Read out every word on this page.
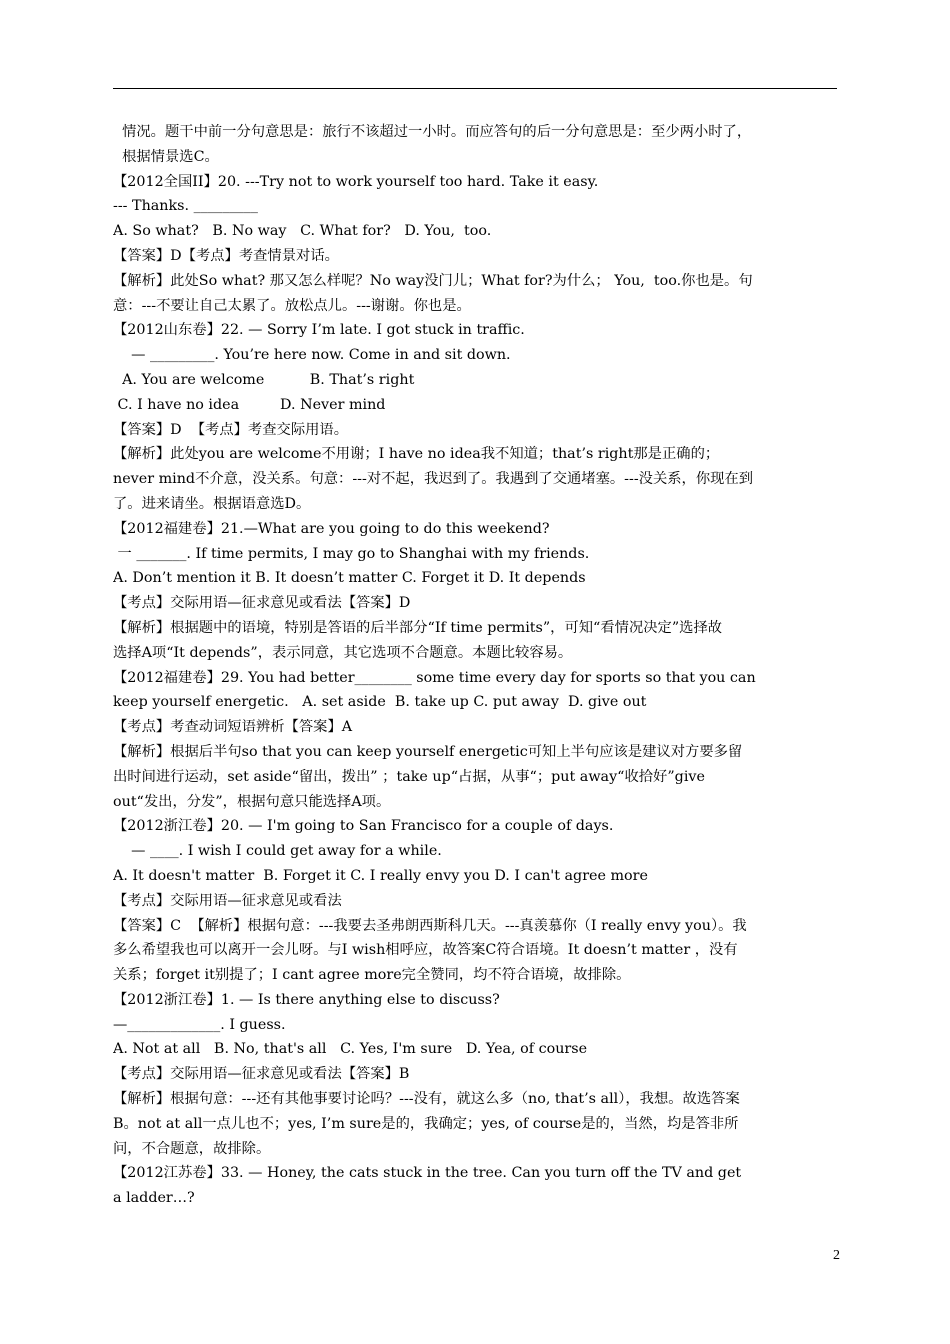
情况。题干中前一分句意思是：旅行不该超过一小时。而应答句的后一分句意思是：至少两小时了，
根据情景选C。
【2012全国II】20. ---Try not to work yourself too hard. Take it easy.
--- Thanks. _________
A. So what?   B. No way   C. What for?   D. You,  too.
【答案】D【考点】考查情景对话。
【解析】此处So what? 那又怎么样呢？No way没门儿；What for?为什么； You,  too.你也是。句
意：---不要让自己太累了。放松点儿。---谢谢。你也是。
【2012山东卷】22. — Sorry I’m late. I got stuck in traffic.
— _________. You’re here now. Come in and sit down.
A. You are welcome          B. That’s right
C. I have no idea         D. Never mind
【答案】D  【考点】考查交际用语。
【解析】此处you are welcome不用谢；I have no idea我不知道；that’s right那是正确的；
never mind不介意，没关系。句意：---对不起，我迟到了。我遇到了交通堵塞。---没关系，你现在到
了。进来请坐。根据语意选D。
【2012福建卷】21.—What are you going to do this weekend?
一 _______. If time permits, I may go to Shanghai with my friends.
A. Don’t mention it B. It doesn’t matter C. Forget it D. It depends
【考点】交际用语—征求意见或看法【答案】D
【解析】根据题中的语境，特别是答语的后半部分“If time permits”，可知“看情况决定”选择故
选择A项“It depends”，表示同意，其它选项不合题意。本题比较容易。
【2012福建卷】29. You had better________ some time every day for sports so that you can
keep yourself energetic.   A. set aside  B. take up C. put away  D. give out
【考点】考查动词短语辨析【答案】A
【解析】根据后半句so that you can keep yourself energetic可知上半句应该是建议对方要多留
出时间进行运动，set aside“留出，拨出” ；take up“占据，从事“；put away“收拾好”give
out“发出，分发”，根据句意只能选择A项。
【2012浙江卷】20. — I'm going to San Francisco for a couple of days.
— ____. I wish I could get away for a while.
A. It doesn't matter  B. Forget it C. I really envy you D. I can't agree more
【考点】交际用语—征求意见或看法
【答案】C  【解析】根据句意：---我要去圣弗朗西斯科几天。---真羡慕你（I really envy you）。我
多么希望我也可以离开一会儿呀。与I wish相呼应，故答案C符合语境。It doesn’t matter ，没有
关系；forget it别提了；I cant agree more完全赞同，均不符合语境，故排除。
【2012浙江卷】1. — Is there anything else to discuss?
—_____________. I guess.
A. Not at all   B. No, that's all   C. Yes, I'm sure   D. Yea, of course
【考点】交际用语—征求意见或看法【答案】B
【解析】根据句意：---还有其他事要讨论吗？---没有，就这么多（no, that’s all），我想。故选答案
B。not at all一点儿也不；yes, I’m sure是的，我确定；yes, of course是的，当然，均是答非所
问，不合题意，故排除。
【2012江苏卷】33. — Honey, the cats stuck in the tree. Can you turn off the TV and get
a ladder…?
2
